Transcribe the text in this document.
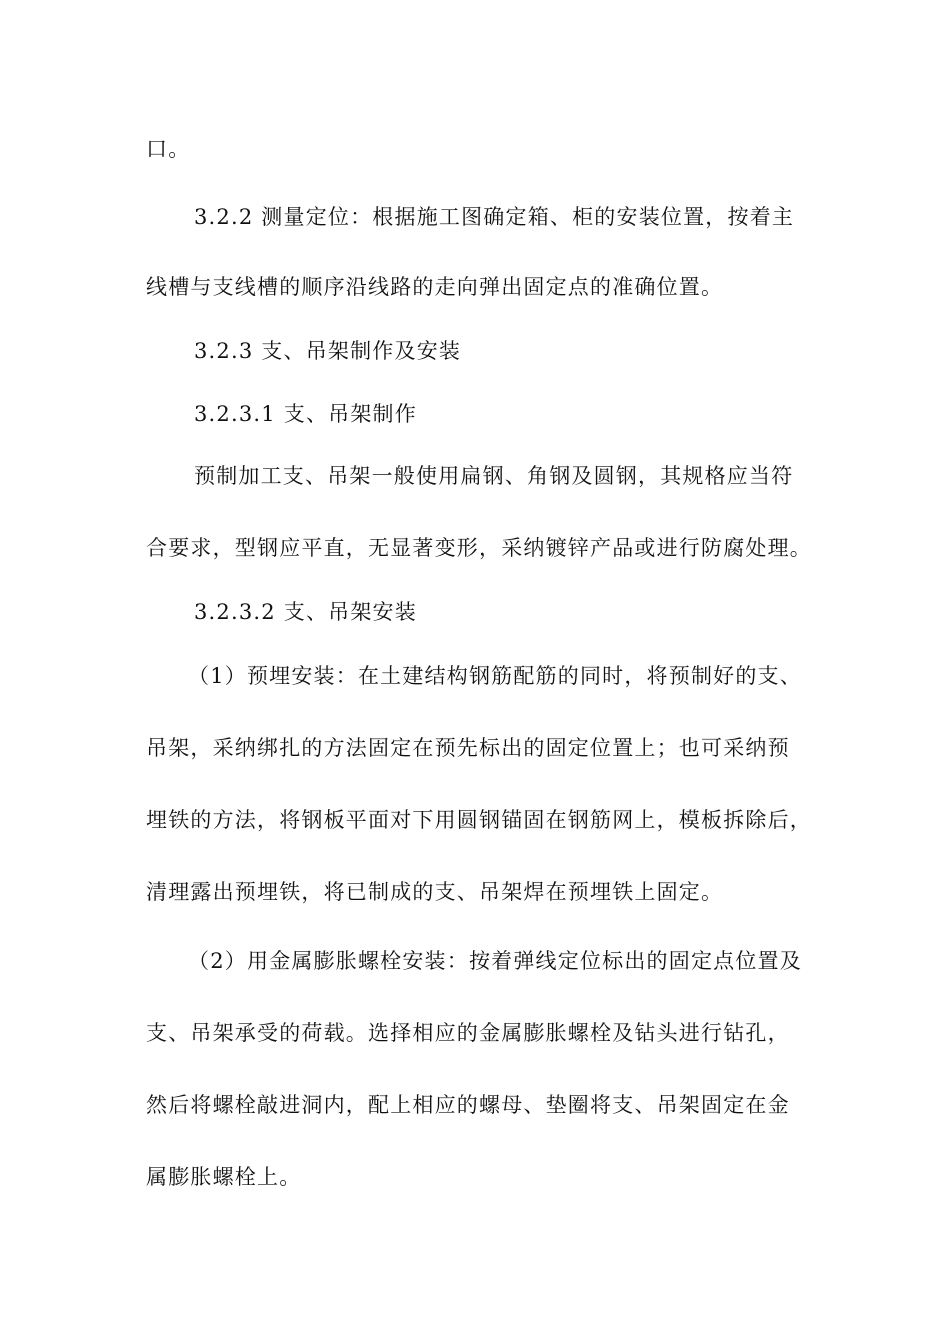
口。
3.2.2 测量定位：根据施工图确定箱、柜的安装位置，按着主
线槽与支线槽的顺序沿线路的走向弹出固定点的准确位置。
3.2.3 支、吊架制作及安装
3.2.3.1 支、吊架制作
预制加工支、吊架一般使用扁钢、角钢及圆钢，其规格应当符
合要求，型钢应平直，无显著变形，采纳镀锌产品或进行防腐处理。
3.2.3.2 支、吊架安装
（1）预埋安装：在土建结构钢筋配筋的同时，将预制好的支、
吊架，采纳绑扎的方法固定在预先标出的固定位置上；也可采纳预
埋铁的方法，将钢板平面对下用圆钢锚固在钢筋网上，模板拆除后，
清理露出预埋铁，将已制成的支、吊架焊在预埋铁上固定。
（2）用金属膨胀螺栓安装：按着弹线定位标出的固定点位置及
支、吊架承受的荷载。选择相应的金属膨胀螺栓及钻头进行钻孔，
然后将螺栓敲进洞内，配上相应的螺母、垫圈将支、吊架固定在金
属膨胀螺栓上。
